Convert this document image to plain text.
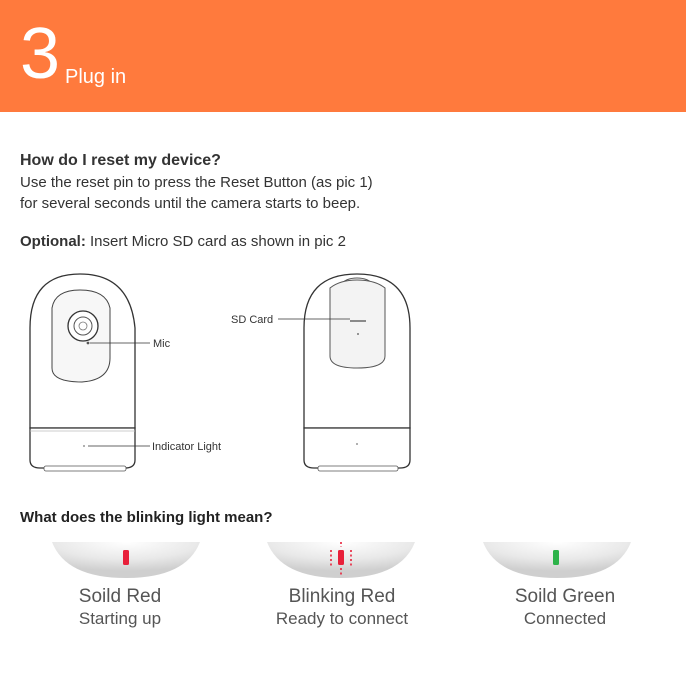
3 Plug in
How do I reset my device?
Use the reset pin to press the Reset Button (as pic 1)
for several seconds until the camera starts to beep.
Optional: Insert Micro SD card as shown in pic 2
Mic
Indicator Light
SD Card
What does the blinking light mean?
Soild Red
Starting up
Blinking Red
Ready to connect
Soild Green
Connected
